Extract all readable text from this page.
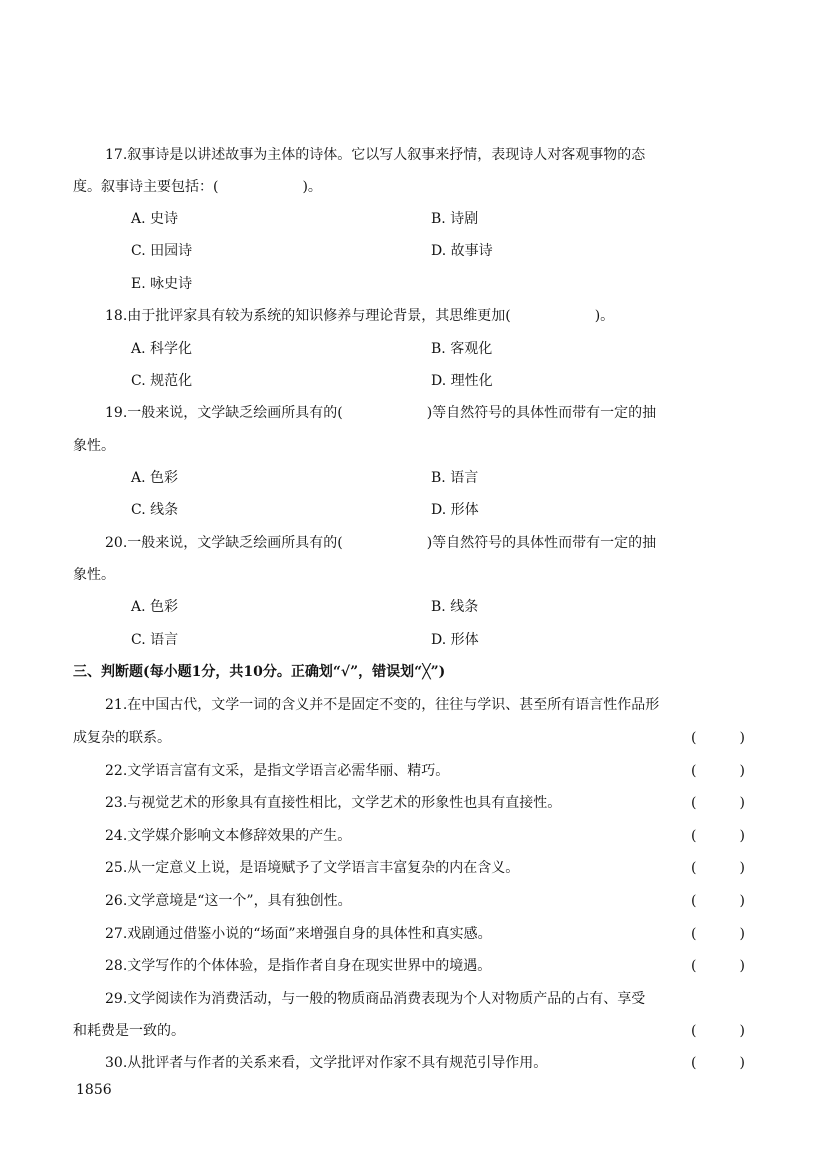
17.叙事诗是以讲述故事为主体的诗体。它以写人叙事来抒情，表现诗人对客观事物的态
度。叙事诗主要包括：(　　　　　　)。
A. 史诗	B. 诗剧
C. 田园诗	D. 故事诗
E. 咏史诗
18.由于批评家具有较为系统的知识修养与理论背景，其思维更加(　　　　　　)。
A. 科学化	B. 客观化
C. 规范化	D. 理性化
19.一般来说，文学缺乏绘画所具有的(　　　　　　)等自然符号的具体性而带有一定的抽
象性。
A. 色彩	B. 语言
C. 线条	D. 形体
20.一般来说，文学缺乏绘画所具有的(　　　　　　)等自然符号的具体性而带有一定的抽
象性。
A. 色彩	B. 线条
C. 语言	D. 形体
三、判断题(每小题1分，共10分。正确划“√”，错误划“╳”)
21.在中国古代，文学一词的含义并不是固定不变的，往往与学识、甚至所有语言性作品形
成复杂的联系。	(	)
22.文学语言富有文采，是指文学语言必需华丽、精巧。	(	)
23.与视觉艺术的形象具有直接性相比，文学艺术的形象性也具有直接性。	(	)
24.文学媒介影响文本修辞效果的产生。	(	)
25.从一定意义上说，是语境赋予了文学语言丰富复杂的内在含义。	(	)
26.文学意境是“这一个”，具有独创性。	(	)
27.戏剧通过借鉴小说的“场面”来增强自身的具体性和真实感。	(	)
28.文学写作的个体体验，是指作者自身在现实世界中的境遇。	(	)
29.文学阅读作为消费活动，与一般的物质商品消费表现为个人对物质产品的占有、享受
和耗费是一致的。	(	)
30.从批评者与作者的关系来看，文学批评对作家不具有规范引导作用。	(	)
1856
